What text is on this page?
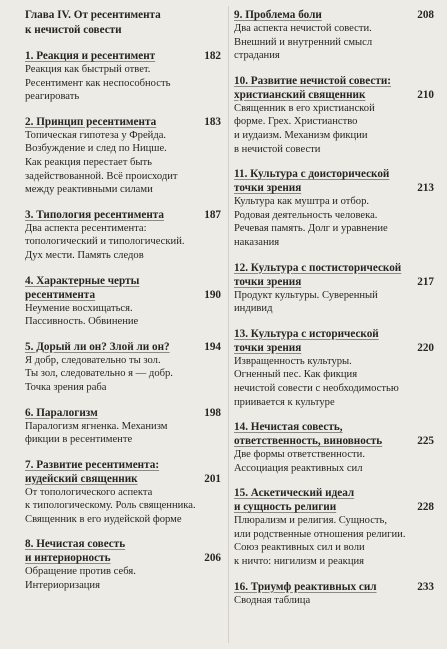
Глава IV. От ресентимента
к нечистой совести
1. Реакция и ресентимент	182
Реакция как быстрый ответ.
Ресентимент как неспособность
реагировать
2. Принцип ресентимента	183
Топическая гипотеза у Фрейда.
Возбуждение и след по Ницше.
Как реакция перестает быть
задействованной. Всё происходит
между реактивными силами
3. Типология ресентимента	187
Два аспекта ресентимента:
топологический и типологический.
Дух мести. Память следов
4. Характерные черты
ресентимента	190
Неумение восхищаться.
Пассивность. Обвинение
5. Дорый ли он? Злой ли он?	194
Я добр, следовательно ты зол.
Ты зол, следовательно я — добр.
Точка зрения раба
6. Паралогизм	198
Паралогизм ягненка. Механизм
фикции в ресентименте
7. Развитие ресентимента:
иудейский священник	201
От топологического аспекта
к типологическому. Роль священника.
Священник в его иудейской форме
8. Нечистая совесть
и интериорность	206
Обращение против себя.
Интериоризация
9. Проблема боли	208
Два аспекта нечистой совести.
Внешний и внутренний смысл
страдания
10. Развитие нечистой совести:
христианский священник	210
Священник в его христианской
форме. Грех. Христианство
и иудаизм. Механизм фикции
в нечистой совести
11. Культура с доисторической
точки зрения	213
Культура как муштра и отбор.
Родовая деятельность человека.
Речевая память. Долг и уравнение
наказания
12. Культура с постисторической
точки зрения	217
Продукт культуры. Суверенный
индивид
13. Культура с исторической
точки зрения	220
Извращенность культуры.
Огненный пес. Как фикция
нечистой совести с необходимостью
приивается к культуре
14. Нечистая совесть,
ответственность, виновность	225
Две формы ответственности.
Ассоциация реактивных сил
15. Аскетический идеал
и сущность религии	228
Плюрализм и религия. Сущность,
или родственные отношения религии.
Союз реактивных сил и воли
к ничто: нигилизм и реакция
16. Триумф реактивных сил	233
Сводная таблица
